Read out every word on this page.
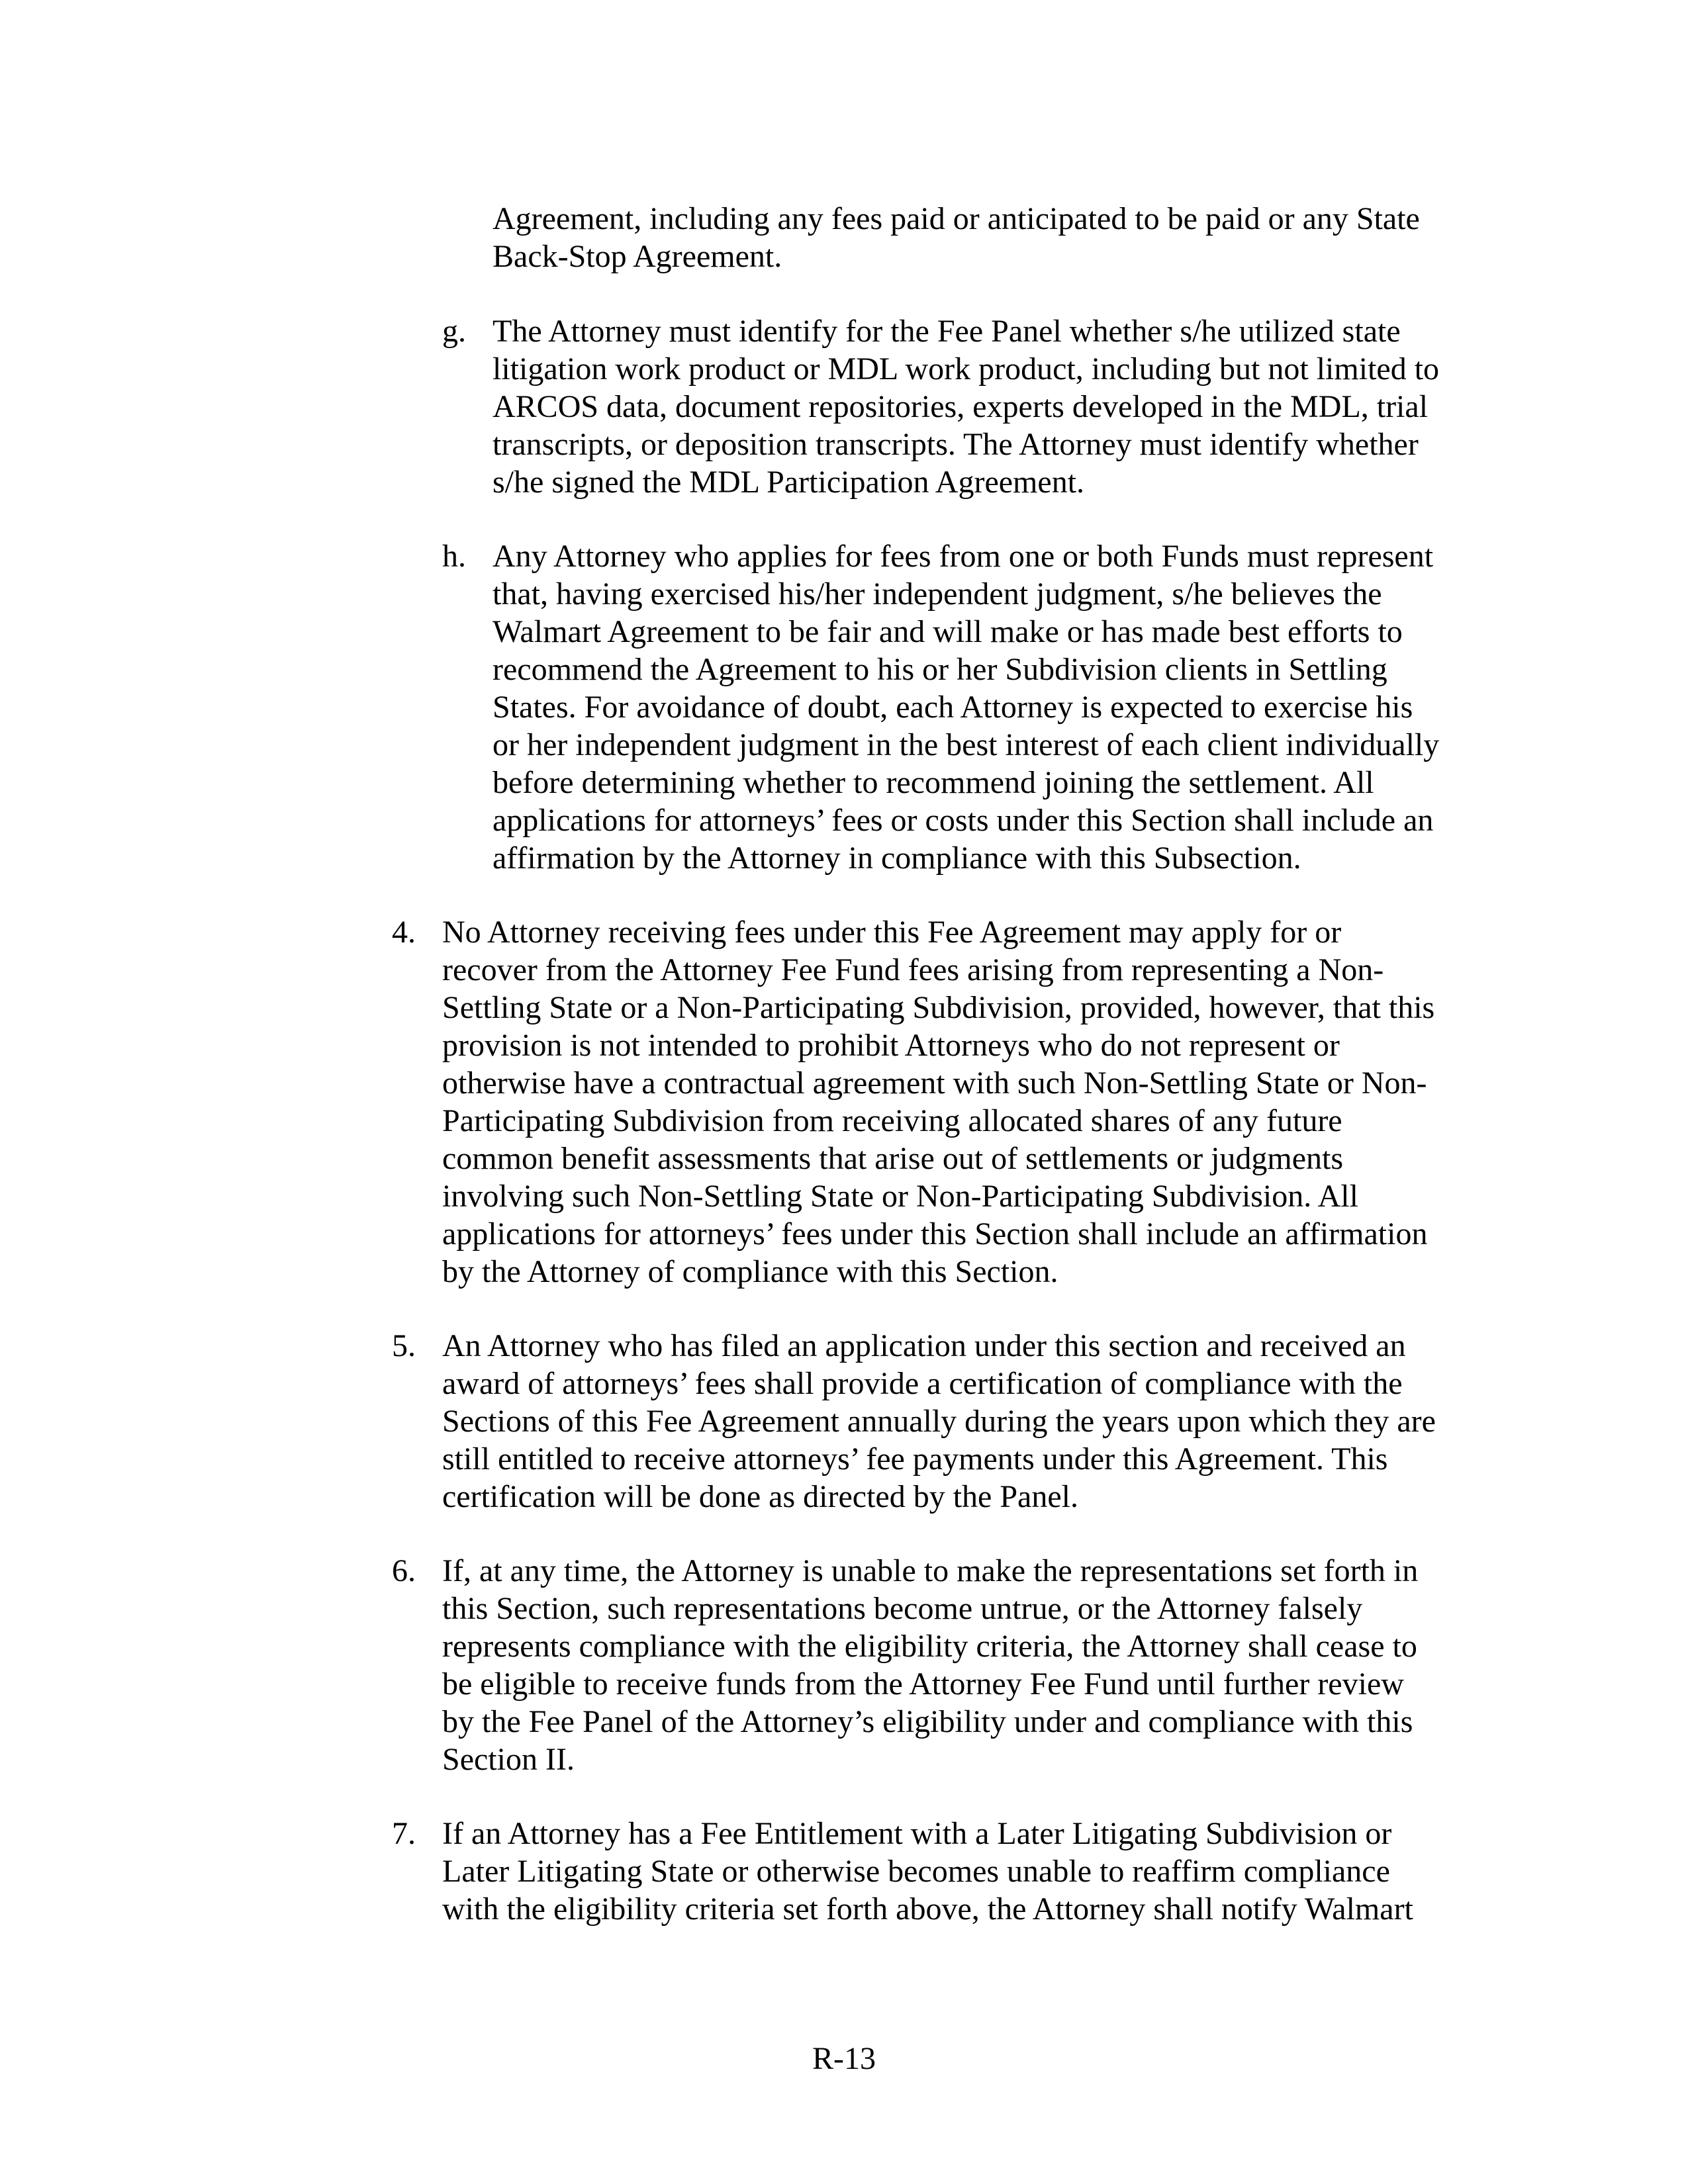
Agreement, including any fees paid or anticipated to be paid or any State
Back-Stop Agreement.
g. The Attorney must identify for the Fee Panel whether s/he utilized state
litigation work product or MDL work product, including but not limited to
ARCOS data, document repositories, experts developed in the MDL, trial
transcripts, or deposition transcripts. The Attorney must identify whether
s/he signed the MDL Participation Agreement.
h. Any Attorney who applies for fees from one or both Funds must represent
that, having exercised his/her independent judgment, s/he believes the
Walmart Agreement to be fair and will make or has made best efforts to
recommend the Agreement to his or her Subdivision clients in Settling
States. For avoidance of doubt, each Attorney is expected to exercise his
or her independent judgment in the best interest of each client individually
before determining whether to recommend joining the settlement. All
applications for attorneys’ fees or costs under this Section shall include an
affirmation by the Attorney in compliance with this Subsection.
4. No Attorney receiving fees under this Fee Agreement may apply for or
recover from the Attorney Fee Fund fees arising from representing a Non-
Settling State or a Non-Participating Subdivision, provided, however, that this
provision is not intended to prohibit Attorneys who do not represent or
otherwise have a contractual agreement with such Non-Settling State or Non-
Participating Subdivision from receiving allocated shares of any future
common benefit assessments that arise out of settlements or judgments
involving such Non-Settling State or Non-Participating Subdivision. All
applications for attorneys’ fees under this Section shall include an affirmation
by the Attorney of compliance with this Section.
5. An Attorney who has filed an application under this section and received an
award of attorneys’ fees shall provide a certification of compliance with the
Sections of this Fee Agreement annually during the years upon which they are
still entitled to receive attorneys’ fee payments under this Agreement. This
certification will be done as directed by the Panel.
6. If, at any time, the Attorney is unable to make the representations set forth in
this Section, such representations become untrue, or the Attorney falsely
represents compliance with the eligibility criteria, the Attorney shall cease to
be eligible to receive funds from the Attorney Fee Fund until further review
by the Fee Panel of the Attorney’s eligibility under and compliance with this
Section II.
7. If an Attorney has a Fee Entitlement with a Later Litigating Subdivision or
Later Litigating State or otherwise becomes unable to reaffirm compliance
with the eligibility criteria set forth above, the Attorney shall notify Walmart
R-13
